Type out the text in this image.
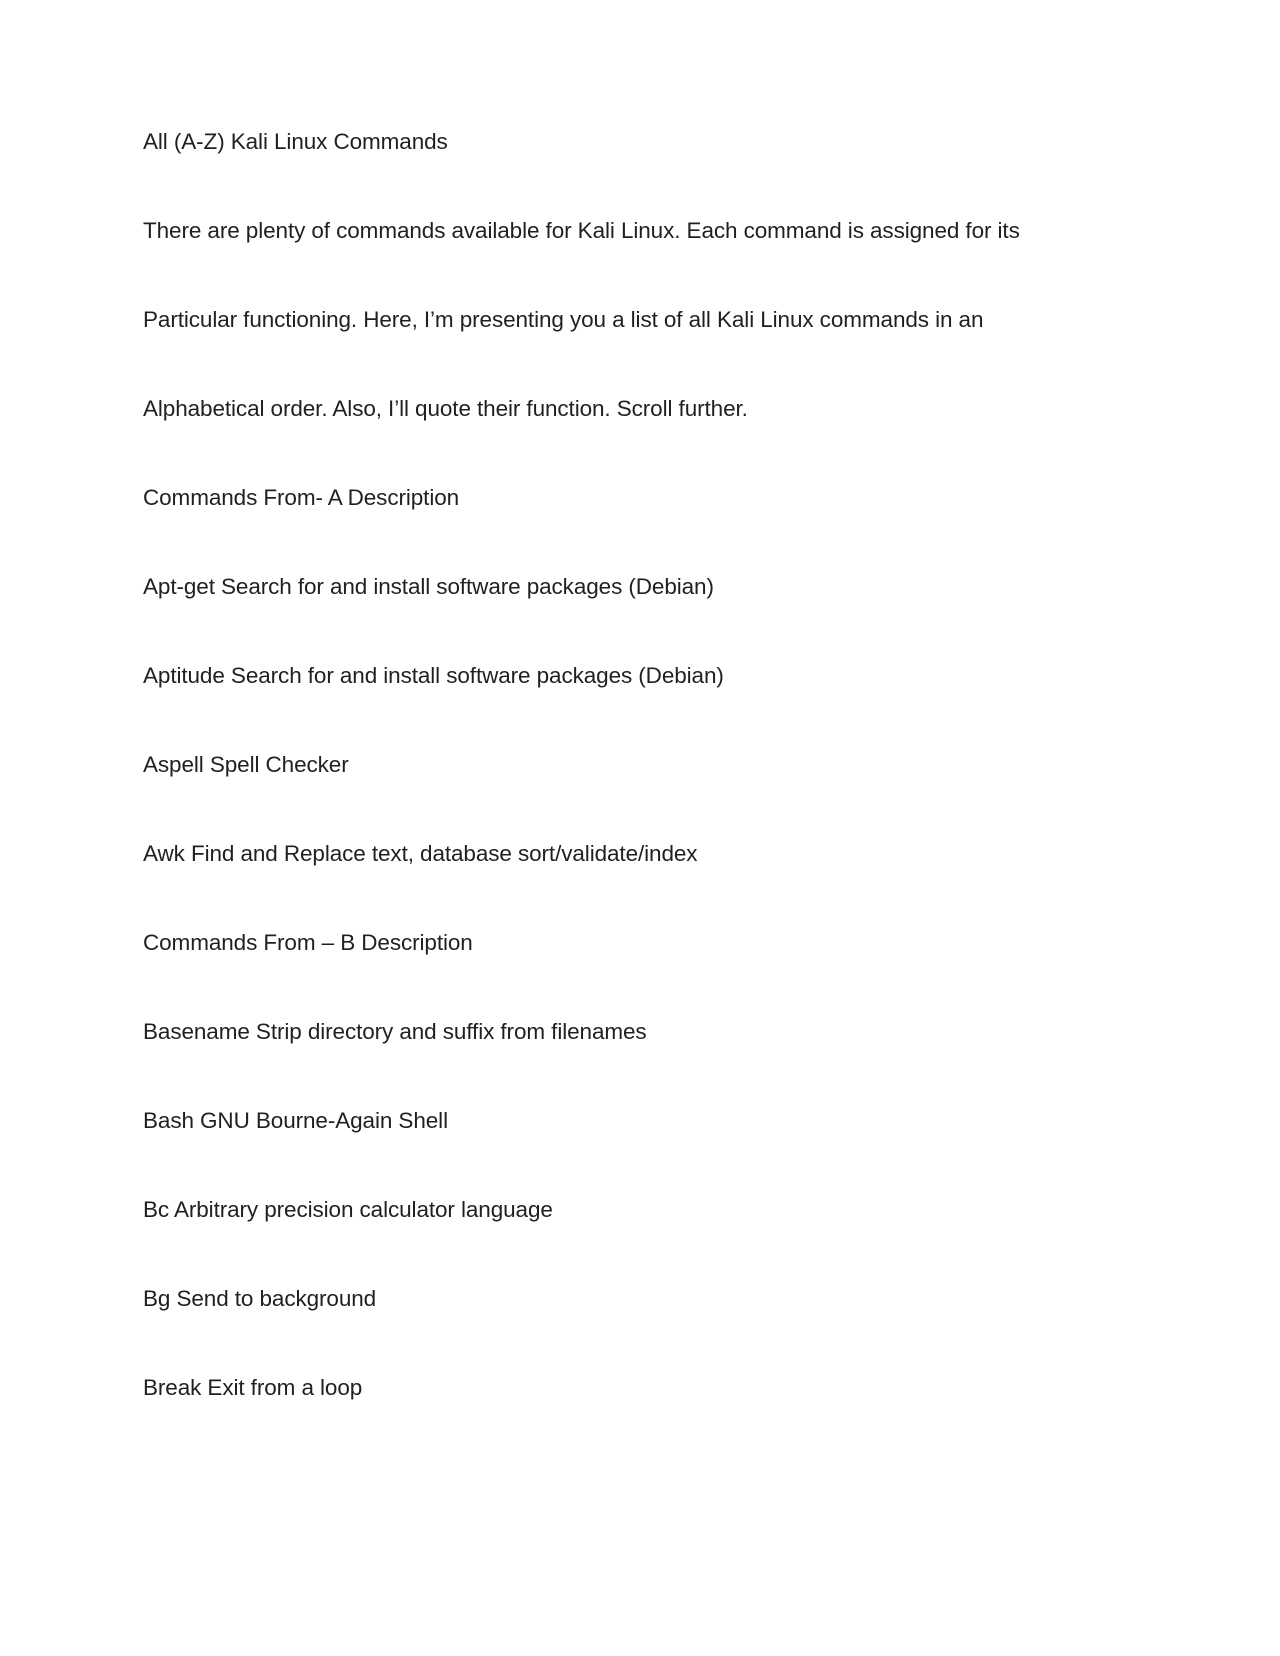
All (A-Z) Kali Linux Commands

There are plenty of commands available for Kali Linux. Each command is assigned for its

Particular functioning. Here, I’m presenting you a list of all Kali Linux commands in an

Alphabetical order. Also, I’ll quote their function. Scroll further.

Commands From- A Description

Apt-get Search for and install software packages (Debian)

Aptitude Search for and install software packages (Debian)

Aspell Spell Checker

Awk Find and Replace text, database sort/validate/index

Commands From – B Description

Basename Strip directory and suffix from filenames

Bash GNU Bourne-Again Shell

Bc Arbitrary precision calculator language

Bg Send to background

Break Exit from a loop
